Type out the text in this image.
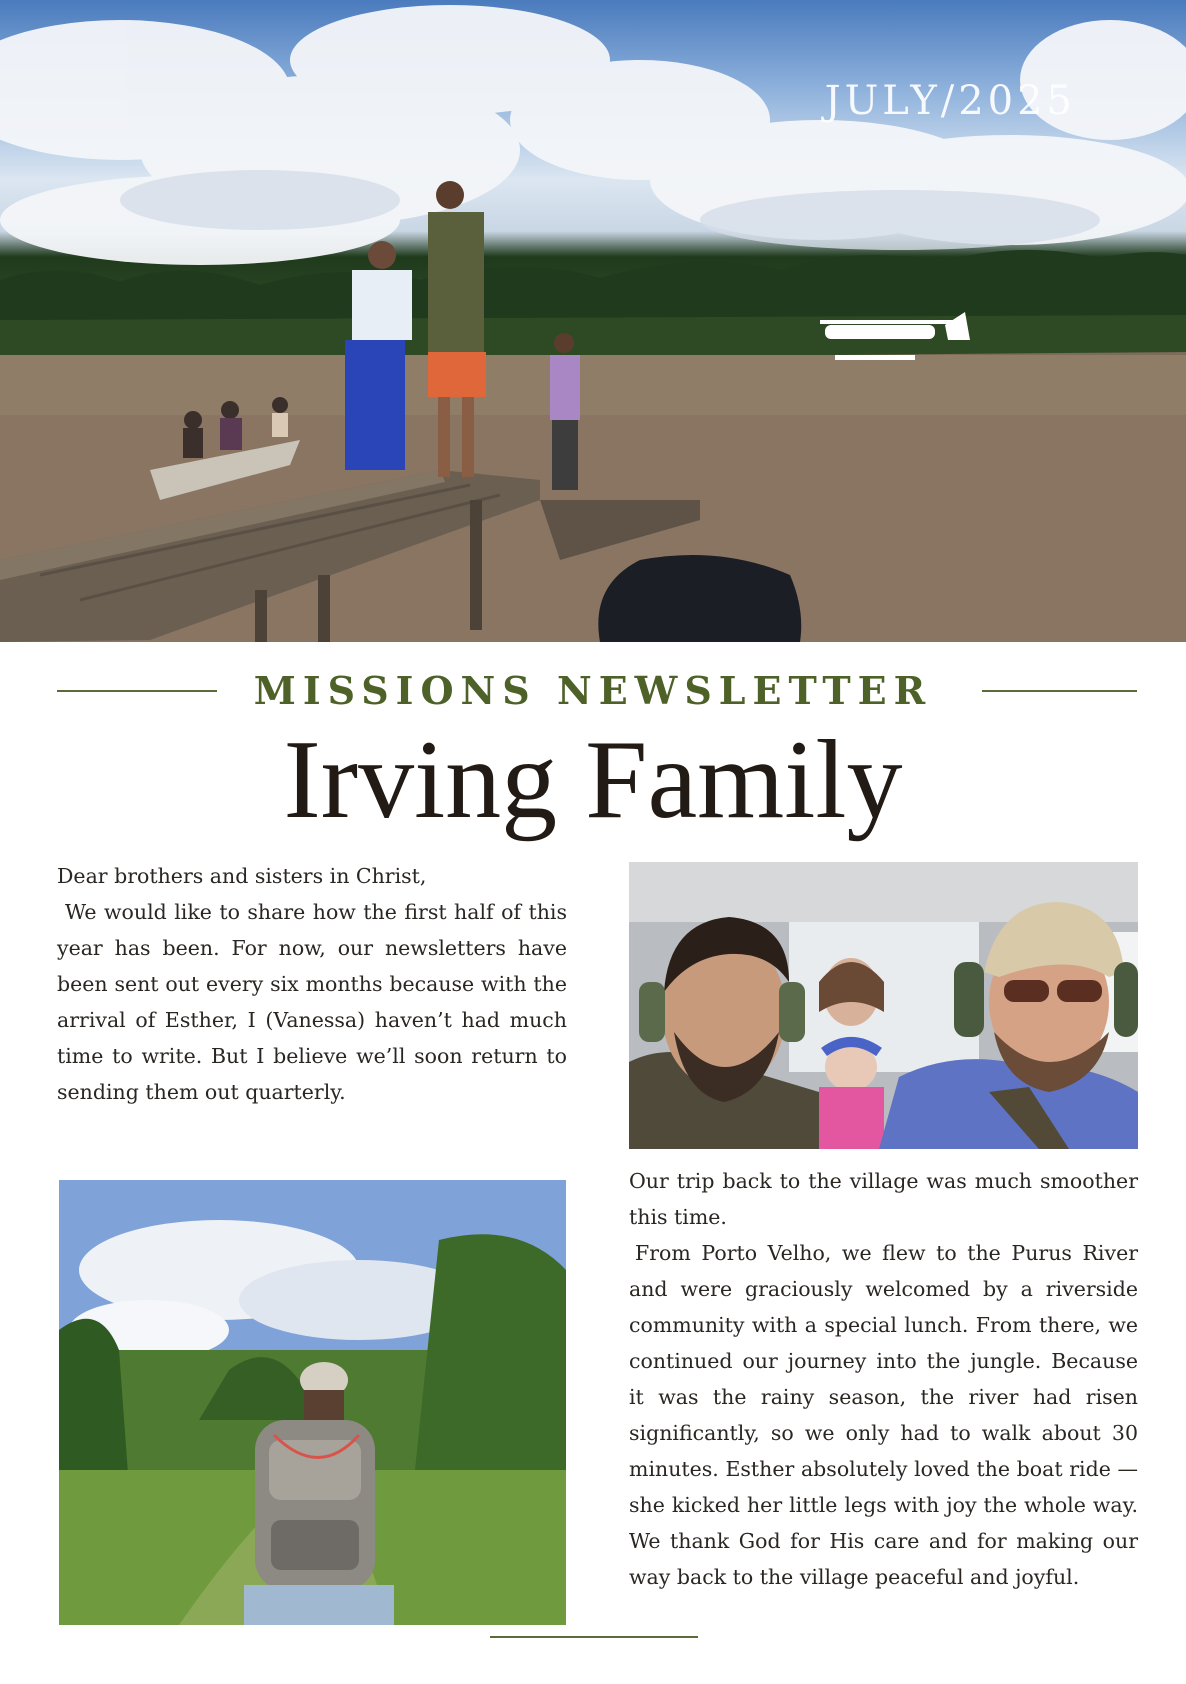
JULY/2025
MISSIONS NEWSLETTER
Irving Family
Dear brothers and sisters in Christ,
We would like to share how the first half of this year has been. For now, our newsletters have been sent out every six months because with the arrival of Esther, I (Vanessa) haven’t had much time to write. But I believe we’ll soon return to sending them out quarterly.
Our trip back to the village was much smoother this time.
From Porto Velho, we flew to the Purus River and were graciously welcomed by a riverside community with a special lunch. From there, we continued our journey into the jungle. Because it was the rainy season, the river had risen significantly, so we only had to walk about 30 minutes. Esther absolutely loved the boat ride — she kicked her little legs with joy the whole way. We thank God for His care and for making our way back to the village peaceful and joyful.
